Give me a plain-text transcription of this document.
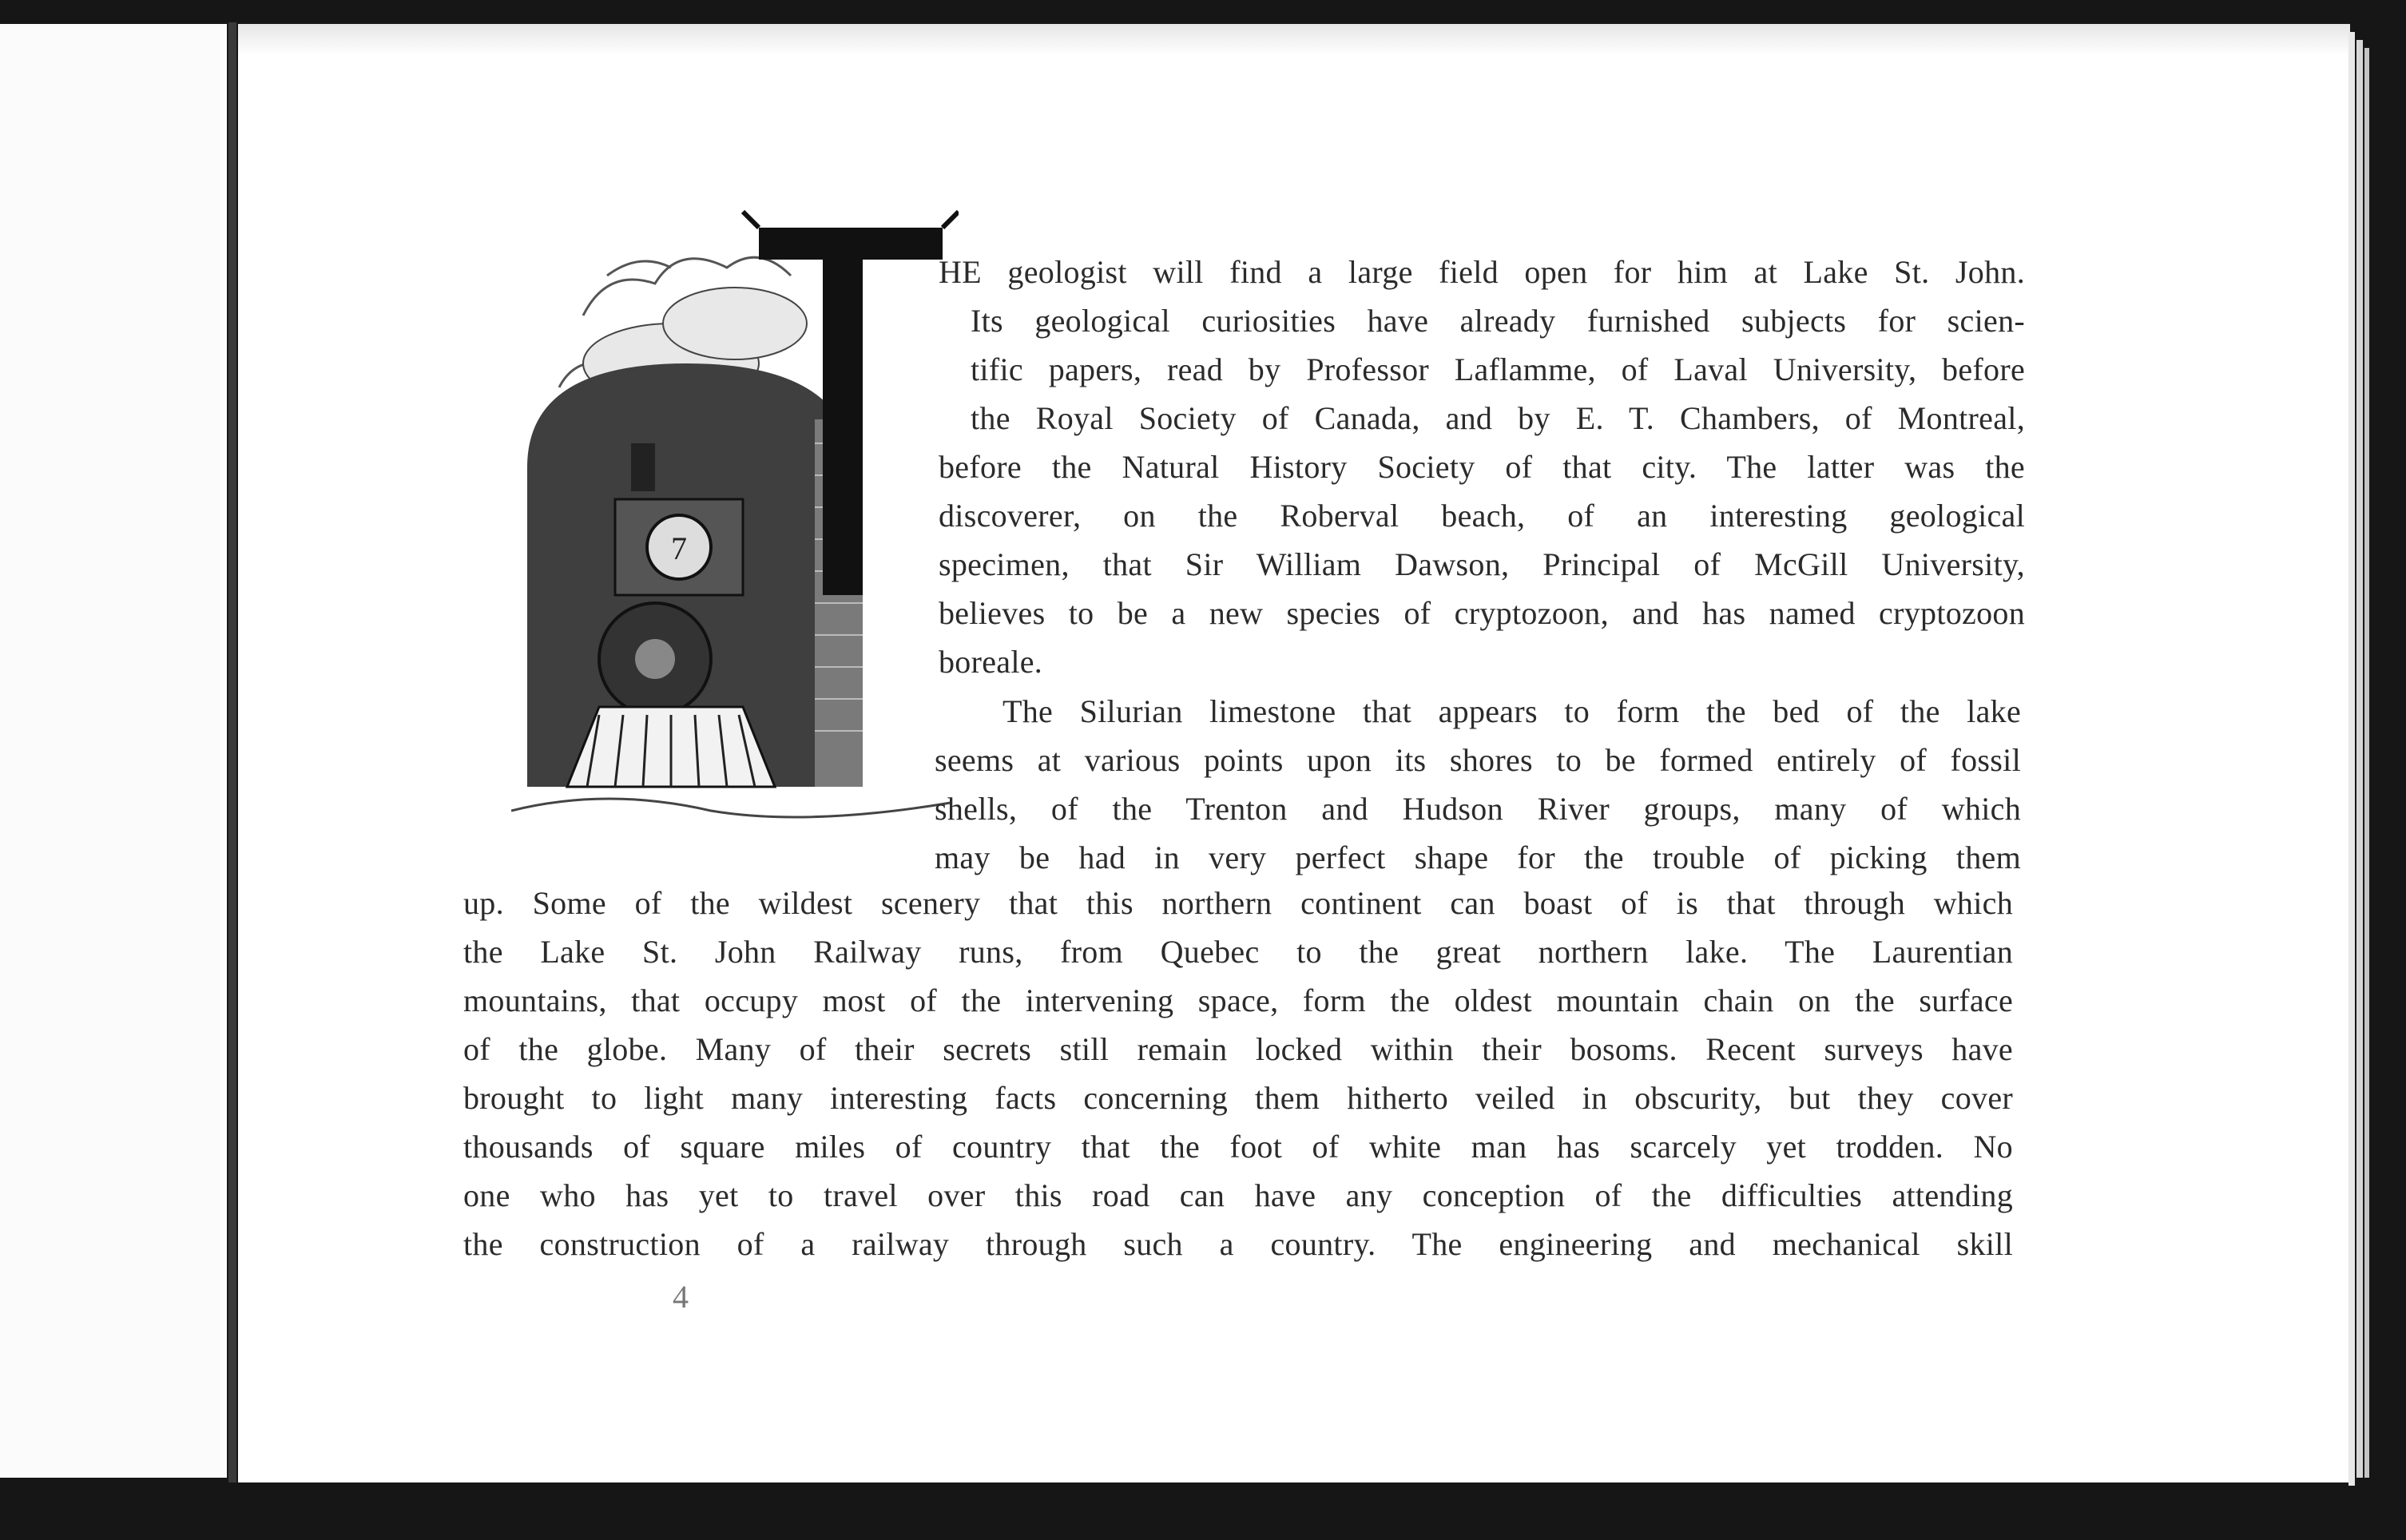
7
HE geologist will find a large field open for him at Lake St. John.
Its geological curiosities have already furnished subjects for scien-
tific papers, read by Professor Laflamme, of Laval University, before
the Royal Society of Canada, and by E. T. Chambers, of Montreal,
before the Natural History Society of that city. The latter was the
discoverer, on the Roberval beach, of an interesting geological
specimen, that Sir William Dawson, Principal of McGill University,
believes to be a new species of cryptozoon, and has named cryptozoon
boreale.
The Silurian limestone that appears to form the bed of the lake
seems at various points upon its shores to be formed entirely of fossil
shells, of the Trenton and Hudson River groups, many of which
may be had in very perfect shape for the trouble of picking them
up. Some of the wildest scenery that this northern continent can boast of is that through which
the Lake St. John Railway runs, from Quebec to the great northern lake. The Laurentian
mountains, that occupy most of the intervening space, form the oldest mountain chain on the surface
of the globe. Many of their secrets still remain locked within their bosoms. Recent surveys have
brought to light many interesting facts concerning them hitherto veiled in obscurity, but they cover
thousands of square miles of country that the foot of white man has scarcely yet trodden. No
one who has yet to travel over this road can have any conception of the difficulties attending
the construction of a railway through such a country. The engineering and mechanical skill
4
